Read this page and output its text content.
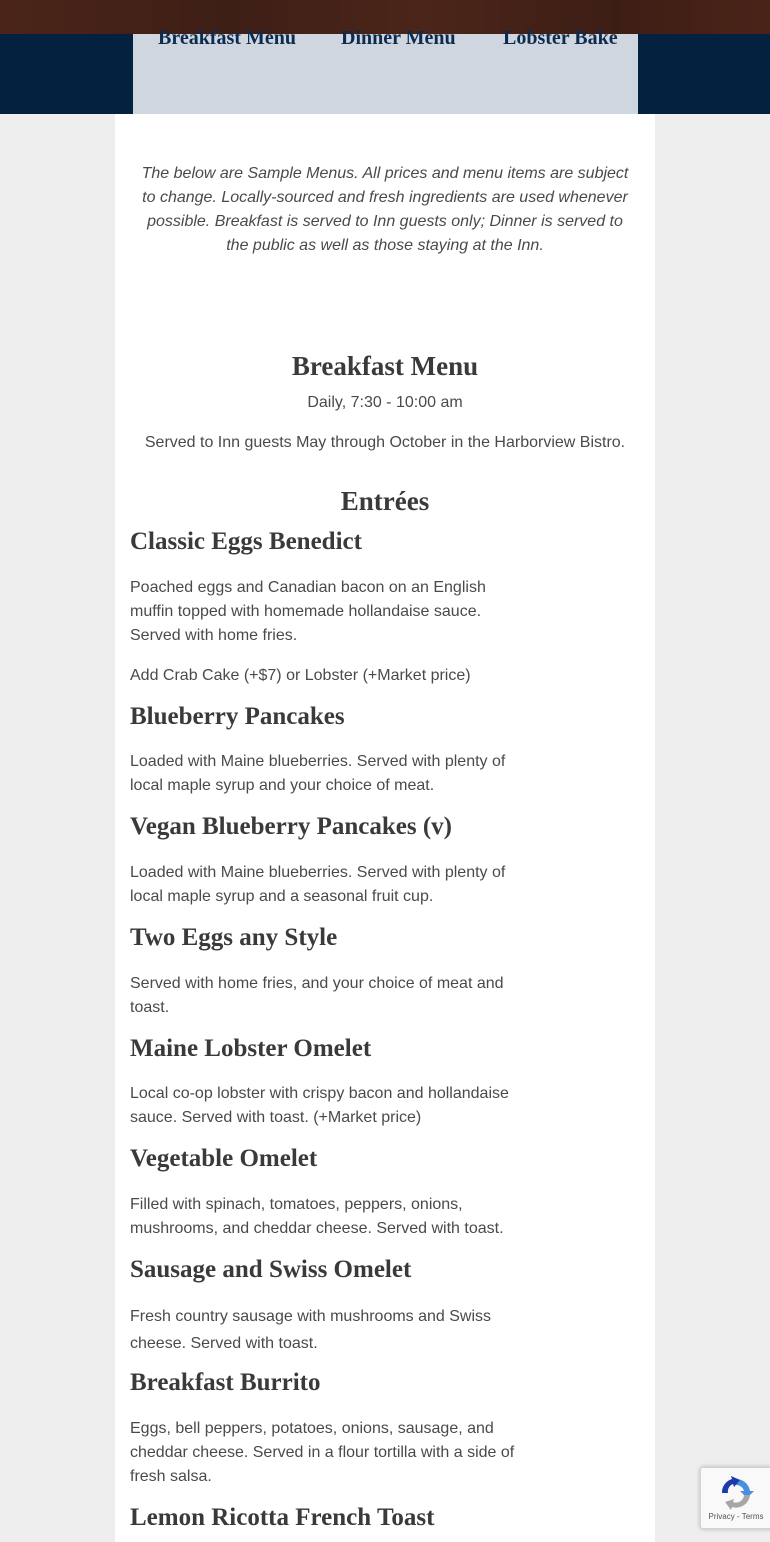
Breakfast Menu Dinner Menu Lobster Bake

The below are Sample Menus. All prices and menu items are subject to change. Locally-sourced and fresh ingredients are used whenever possible. Breakfast is served to Inn guests only; Dinner is served to the public as well as those staying at the Inn.

Breakfast Menu
Daily, 7:30 - 10:00 am
Served to Inn guests May through October in the Harborview Bistro.
Entrées
Classic Eggs Benedict

Poached eggs and Canadian bacon on an English muffin topped with homemade hollandaise sauce. Served with home fries.

Add Crab Cake (+$7) or Lobster (+Market price)

Blueberry Pancakes

Loaded with Maine blueberries. Served with plenty of local maple syrup and your choice of meat.

Vegan Blueberry Pancakes (v)

Loaded with Maine blueberries. Served with plenty of local maple syrup and a seasonal fruit cup.

Two Eggs any Style

Served with home fries, and your choice of meat and toast.

Maine Lobster Omelet

Local co-op lobster with crispy bacon and hollandaise sauce. Served with toast. (+Market price)

Vegetable Omelet

Filled with spinach, tomatoes, peppers, onions, mushrooms, and cheddar cheese. Served with toast.

Sausage and Swiss Omelet

Fresh country sausage with mushrooms and Swiss cheese. Served with toast.

Breakfast Burrito

Eggs, bell peppers, potatoes, onions, sausage, and cheddar cheese. Served in a flour tortilla with a side of fresh salsa.

Lemon Ricotta French Toast	Privacy - Terms
